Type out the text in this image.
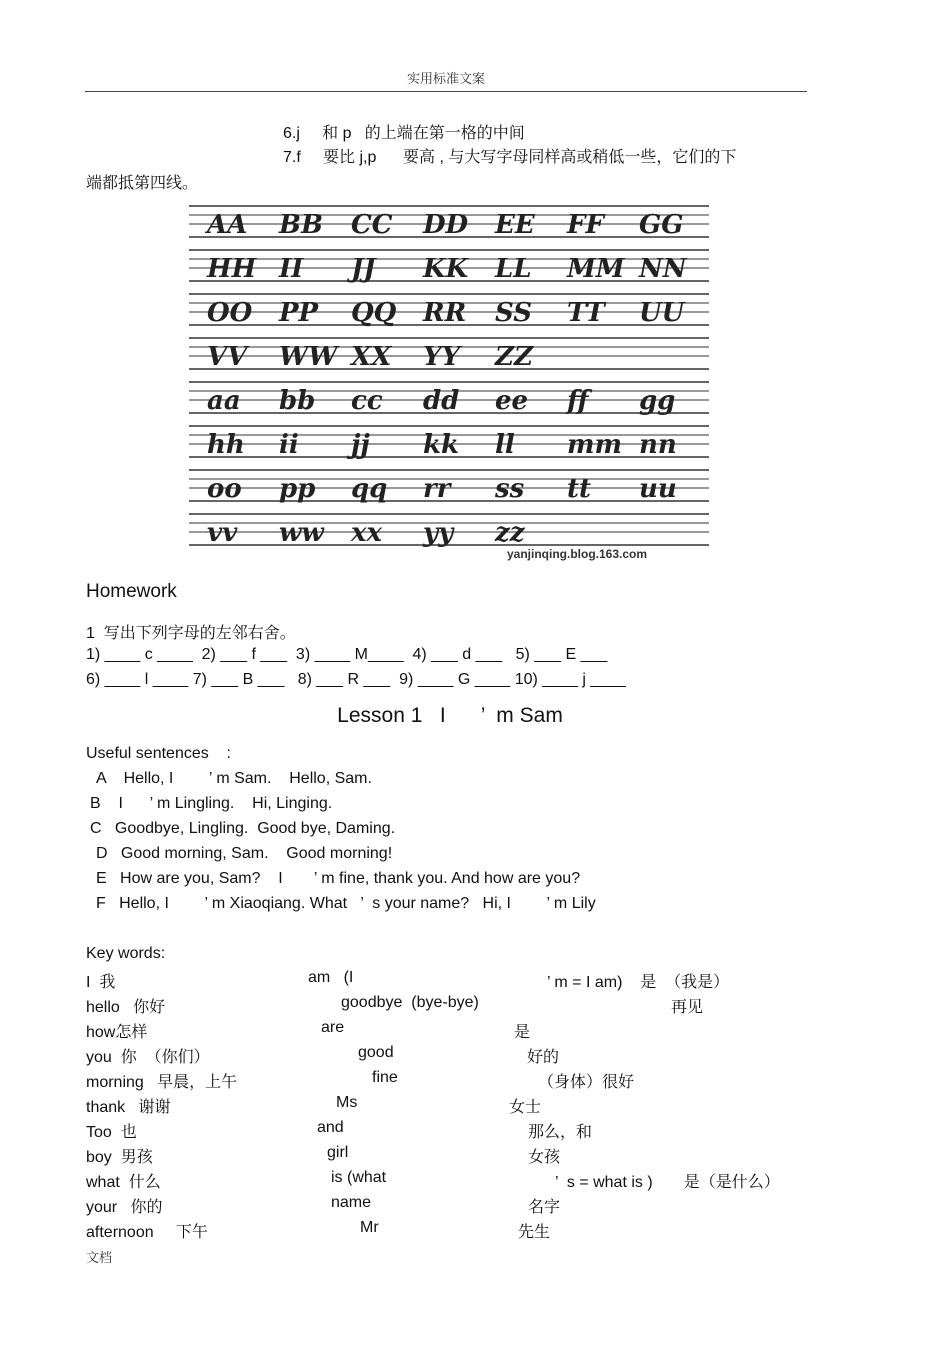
实用标准文案
6.j     和 p   的上端在第一格的中间
7.f     要比 j,p      要高 , 与大写字母同样高或稍低一些，它们的下
端都抵第四线。
AA BB CC DD EE FF GG
HH II JJ KK LL MM NN
OO PP QQ RR SS TT UU
VV WW XX YY ZZ
aa bb cc dd ee ff gg
hh ii jj kk ll mm nn
oo pp qq rr ss tt uu
vv ww xx yy zz
yanjinqing.blog.163.com
Homework
1  写出下列字母的左邻右舍。
1) ____ c ____  2) ___ f ___  3) ____ M____  4) ___ d ___   5) ___ E ___
6) ____ l ____ 7) ___ B ___   8) ___ R ___  9) ____ G ____ 10) ____ j ____
Lesson 1   I      ’  m Sam
Useful sentences    :
A    Hello, I        ’ m Sam.    Hello, Sam.
B    I      ’ m Lingling.    Hi, Linging.
C   Goodbye, Lingling.  Good bye, Daming.
D   Good morning, Sam.    Good morning!
E   How are you, Sam?    I       ’ m fine, thank you. And how are you?
F   Hello, I        ’ m Xiaoqiang. What   ’  s your name?   Hi, I        ’ m Lily
Key words:
I  我	am   (I	’ m = I am)    是  （我是）
hello   你好	goodbye  (bye-bye)	再见
how怎样	are	是
you  你  （你们）	good	好的
morning   早晨，上午	fine	（身体）很好
thank   谢谢	Ms	女士
Too  也	and	那么，和
boy  男孩	girl	女孩
what  什么	is (what	’  s = what is )       是（是什么）
your   你的	name	名字
afternoon     下午	Mr	先生
文档
